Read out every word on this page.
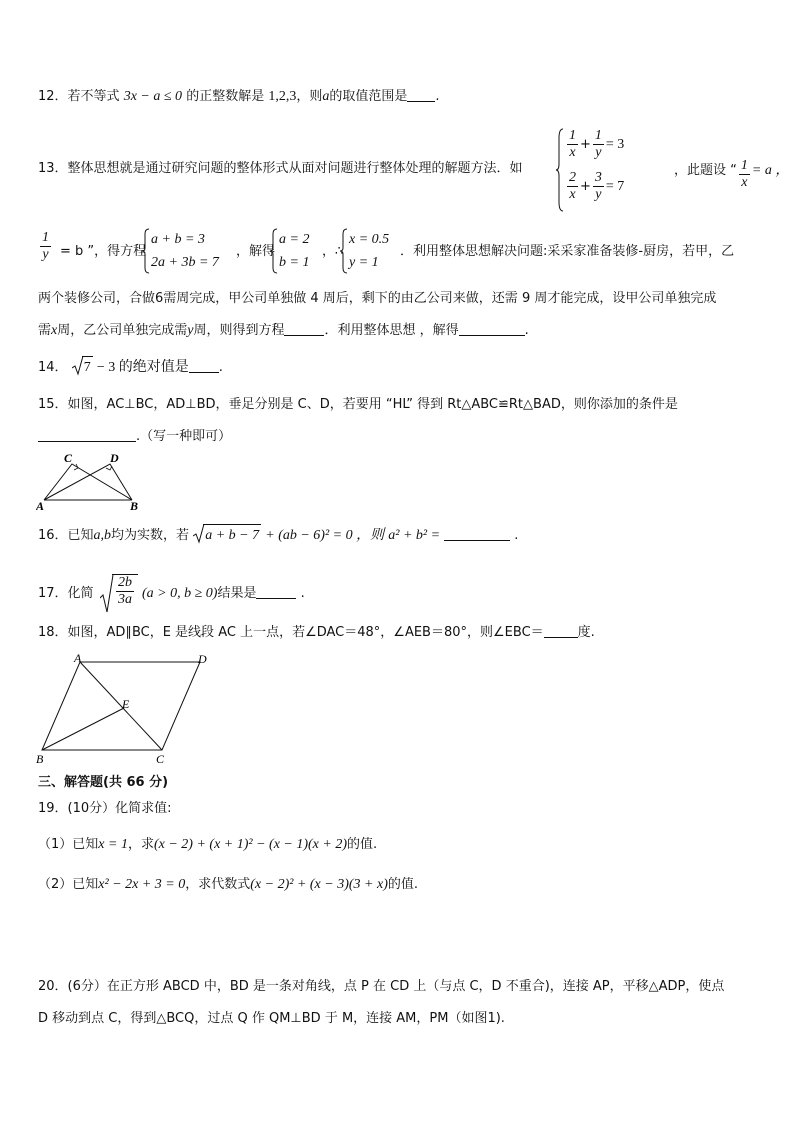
12．若不等式 3x − a ≤ 0 的正整数解是 1,2,3，则a的取值范围是 .
13．整体思想就是通过研究问题的整体形式从面对问题进行整体处理的解题方法．如
$\frac{1}{x} + \frac{1}{y} = 3$
$\frac{2}{x} + \frac{3}{y} = 7$
，此题设 “ $\frac{1}{x} = a$ ，
$\frac{1}{y} = b$ ”，得方程
a + b = 3
2a + 3b = 7
，解得
a = 2
b = 1
，∴
x = 0.5
y = 1
．利用整体思想解决问题:采采家准备装修-厨房，若甲，乙
两个装修公司，合做6需周完成，甲公司单独做 4 周后，剩下的由乙公司来做，还需 9 周才能完成，设甲公司单独完成
需x周，乙公司单独完成需y周，则得到方程	．利用整体思想 ，解得	.
14． 7 − 3 的绝对值是 .
15．如图，AC⊥BC，AD⊥BD，垂足分别是 C、D，若要用 “HL” 得到 Rt△ABC≌Rt△BAD，则你添加的条件是
.（写一种即可）
C	D
A	B
16．已知a,b均为实数，若 a + b − 7 + (ab − 6)² = 0 ，则 a² + b² =	.
17．化简 $\frac{2b}{3a} (a > 0$, b ≥ 0)结果是	.
18．如图，AD∥BC，E 是线段 AC 上一点，若∠DAC＝48°，∠AEB＝80°，则∠EBC＝	度.
A	D
E
B	C
三、解答题(共 66 分)
19．(10分）化简求值:
（1）已知x = 1，求(x − 2) + (x + 1)² − (x − 1)(x + 2)的值.
（2）已知x² − 2x + 3 = 0，求代数式(x − 2)² + (x − 3)(3 + x)的值.
20．(6分）在正方形 ABCD 中，BD 是一条对角线，点 P 在 CD 上（与点 C，D 不重合)，连接 AP，平移△ADP，使点
D 移动到点 C，得到△BCQ，过点 Q 作 QM⊥BD 于 M，连接 AM，PM（如图1).
